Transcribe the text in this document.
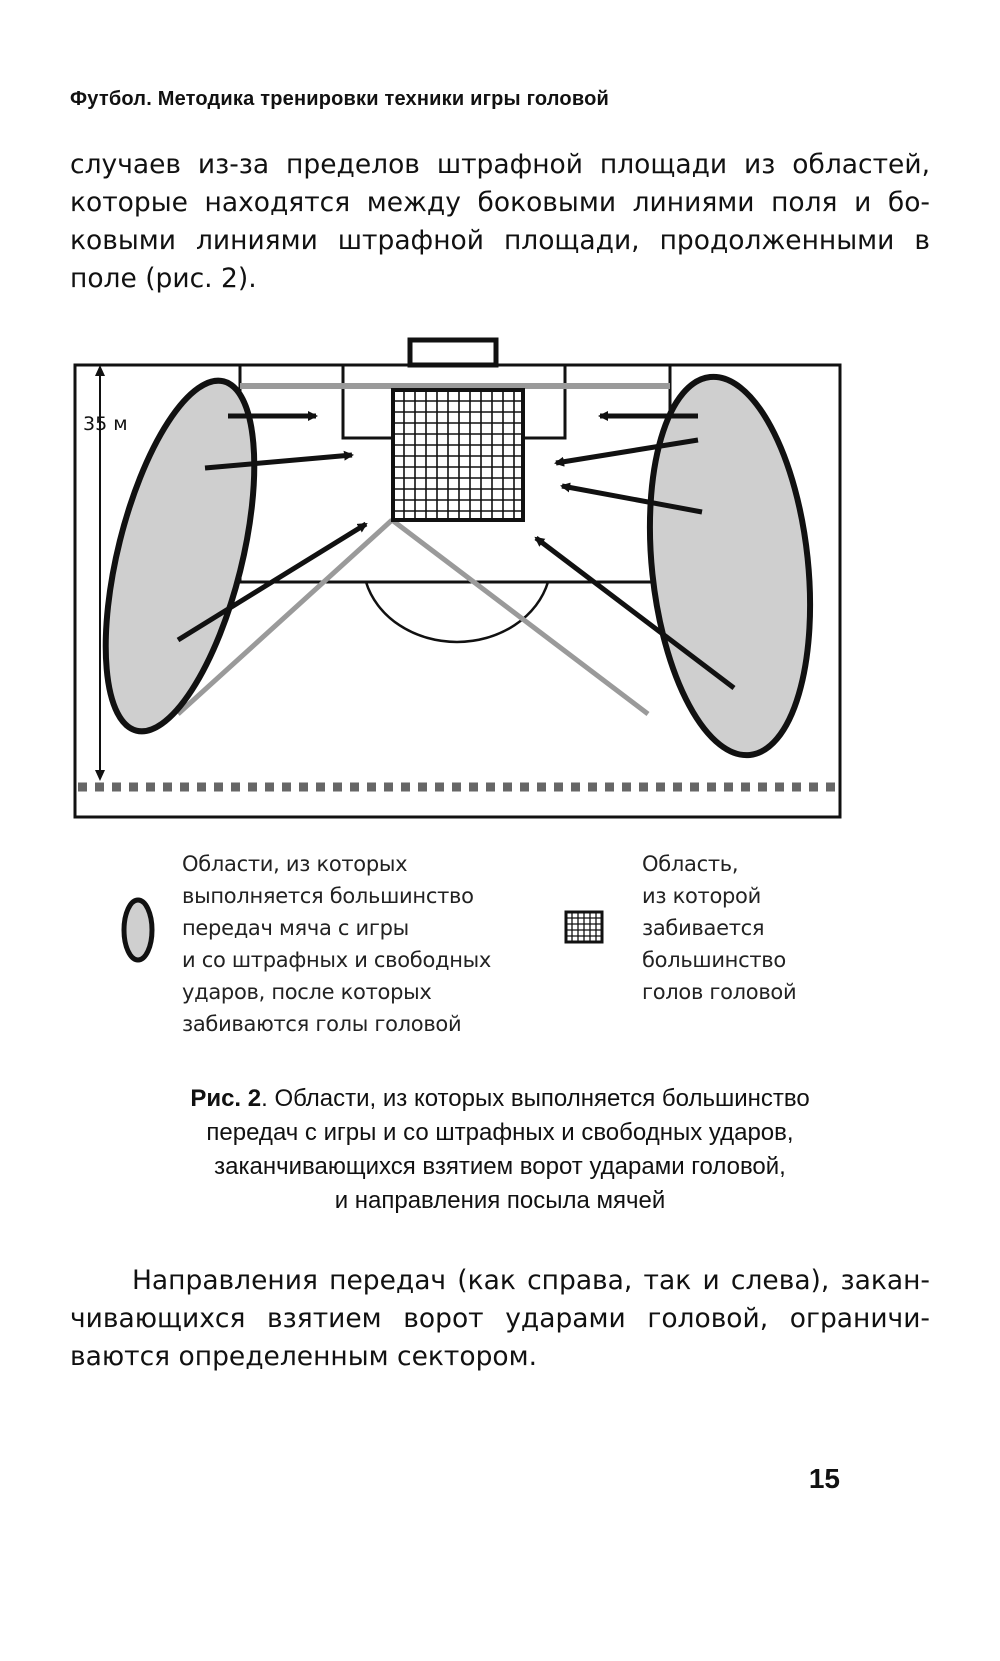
Футбол. Методика тренировки техники игры головой
случаев из-за пределов штрафной площади из областей,
которые находятся между боковыми линиями поля и бо-
ковыми линиями штрафной площади, продолженными в
поле (рис. 2).
35 м
Области, из которых
выполняется большинство
передач мяча с игры
и со штрафных и свободных
ударов, после которых
забиваются голы головой
Область,
из которой
забивается
большинство
голов головой
Рис. 2. Области, из которых выполняется большинство
передач с игры и со штрафных и свободных ударов,
заканчивающихся взятием ворот ударами головой,
и направления посыла мячей
Направления передач (как справа, так и слева), закан-
чивающихся взятием ворот ударами головой, ограничи-
ваются определенным сектором.
15
